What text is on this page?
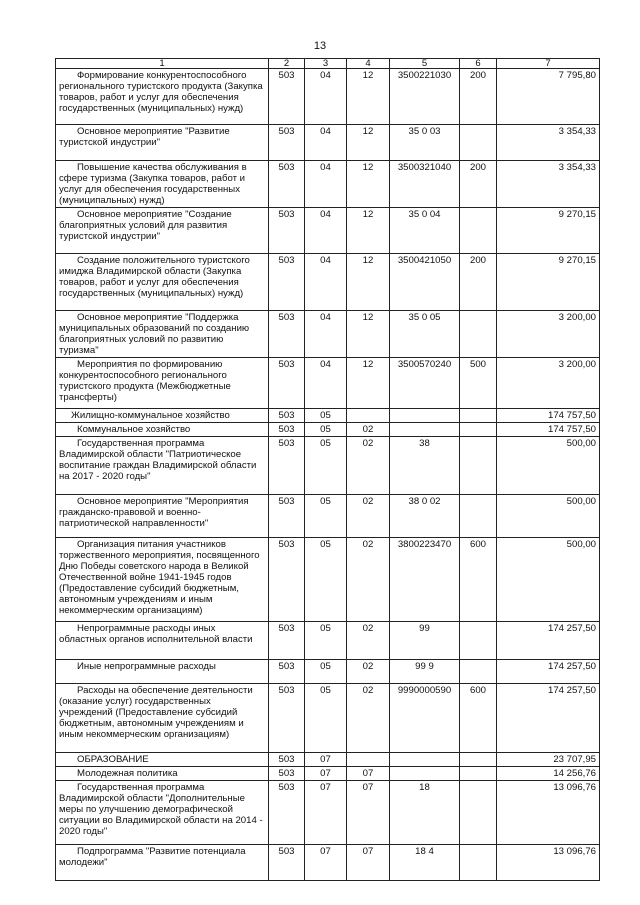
13
1	2	3	4	5	6	7
Формирование конкурентоспособного регионального туристского продукта (Закупка товаров, работ и услуг для обеспечения государственных (муниципальных) нужд)	503	04	12	3500221030	200	7 795,80
Основное мероприятие "Развитие туристской индустрии"	503	04	12	35 0 03		3 354,33
Повышение качества обслуживания в сфере туризма (Закупка товаров, работ и услуг для обеспечения государственных (муниципальных) нужд)	503	04	12	3500321040	200	3 354,33
Основное мероприятие "Создание благоприятных условий для развития туристской индустрии"	503	04	12	35 0 04		9 270,15
Создание положительного туристского имиджа Владимирской области (Закупка товаров, работ и услуг для обеспечения государственных (муниципальных) нужд)	503	04	12	3500421050	200	9 270,15
Основное мероприятие "Поддержка муниципальных образований по созданию благоприятных условий по развитию туризма"	503	04	12	35 0 05		3 200,00
Мероприятия по формированию конкурентоспособного регионального туристского продукта (Межбюджетные трансферты)	503	04	12	3500570240	500	3 200,00
Жилищно-коммунальное хозяйство	503	05				174 757,50
Коммунальное хозяйство	503	05	02			174 757,50
Государственная программа Владимирской области "Патриотическое воспитание граждан Владимирской области на 2017 - 2020 годы"	503	05	02	38		500,00
Основное мероприятие "Мероприятия гражданско-правовой и военно-патриотической направленности"	503	05	02	38 0 02		500,00
Организация питания участников торжественного мероприятия, посвященного Дню Победы советского народа в Великой Отечественной войне 1941-1945 годов (Предоставление субсидий бюджетным, автономным учреждениям и иным некоммерческим организациям)	503	05	02	3800223470	600	500,00
Непрограммные расходы иных областных органов исполнительной власти	503	05	02	99		174 257,50
Иные непрограммные расходы	503	05	02	99 9		174 257,50
Расходы на обеспечение деятельности (оказание услуг) государственных учреждений (Предоставление субсидий бюджетным, автономным учреждениям и иным некоммерческим организациям)	503	05	02	9990000590	600	174 257,50
ОБРАЗОВАНИЕ	503	07				23 707,95
Молодежная политика	503	07	07			14 256,76
Государственная программа Владимирской области "Дополнительные меры по улучшению демографической ситуации во Владимирской области на 2014 - 2020 годы"	503	07	07	18		13 096,76
Подпрограмма "Развитие потенциала молодежи"	503	07	07	18 4		13 096,76
